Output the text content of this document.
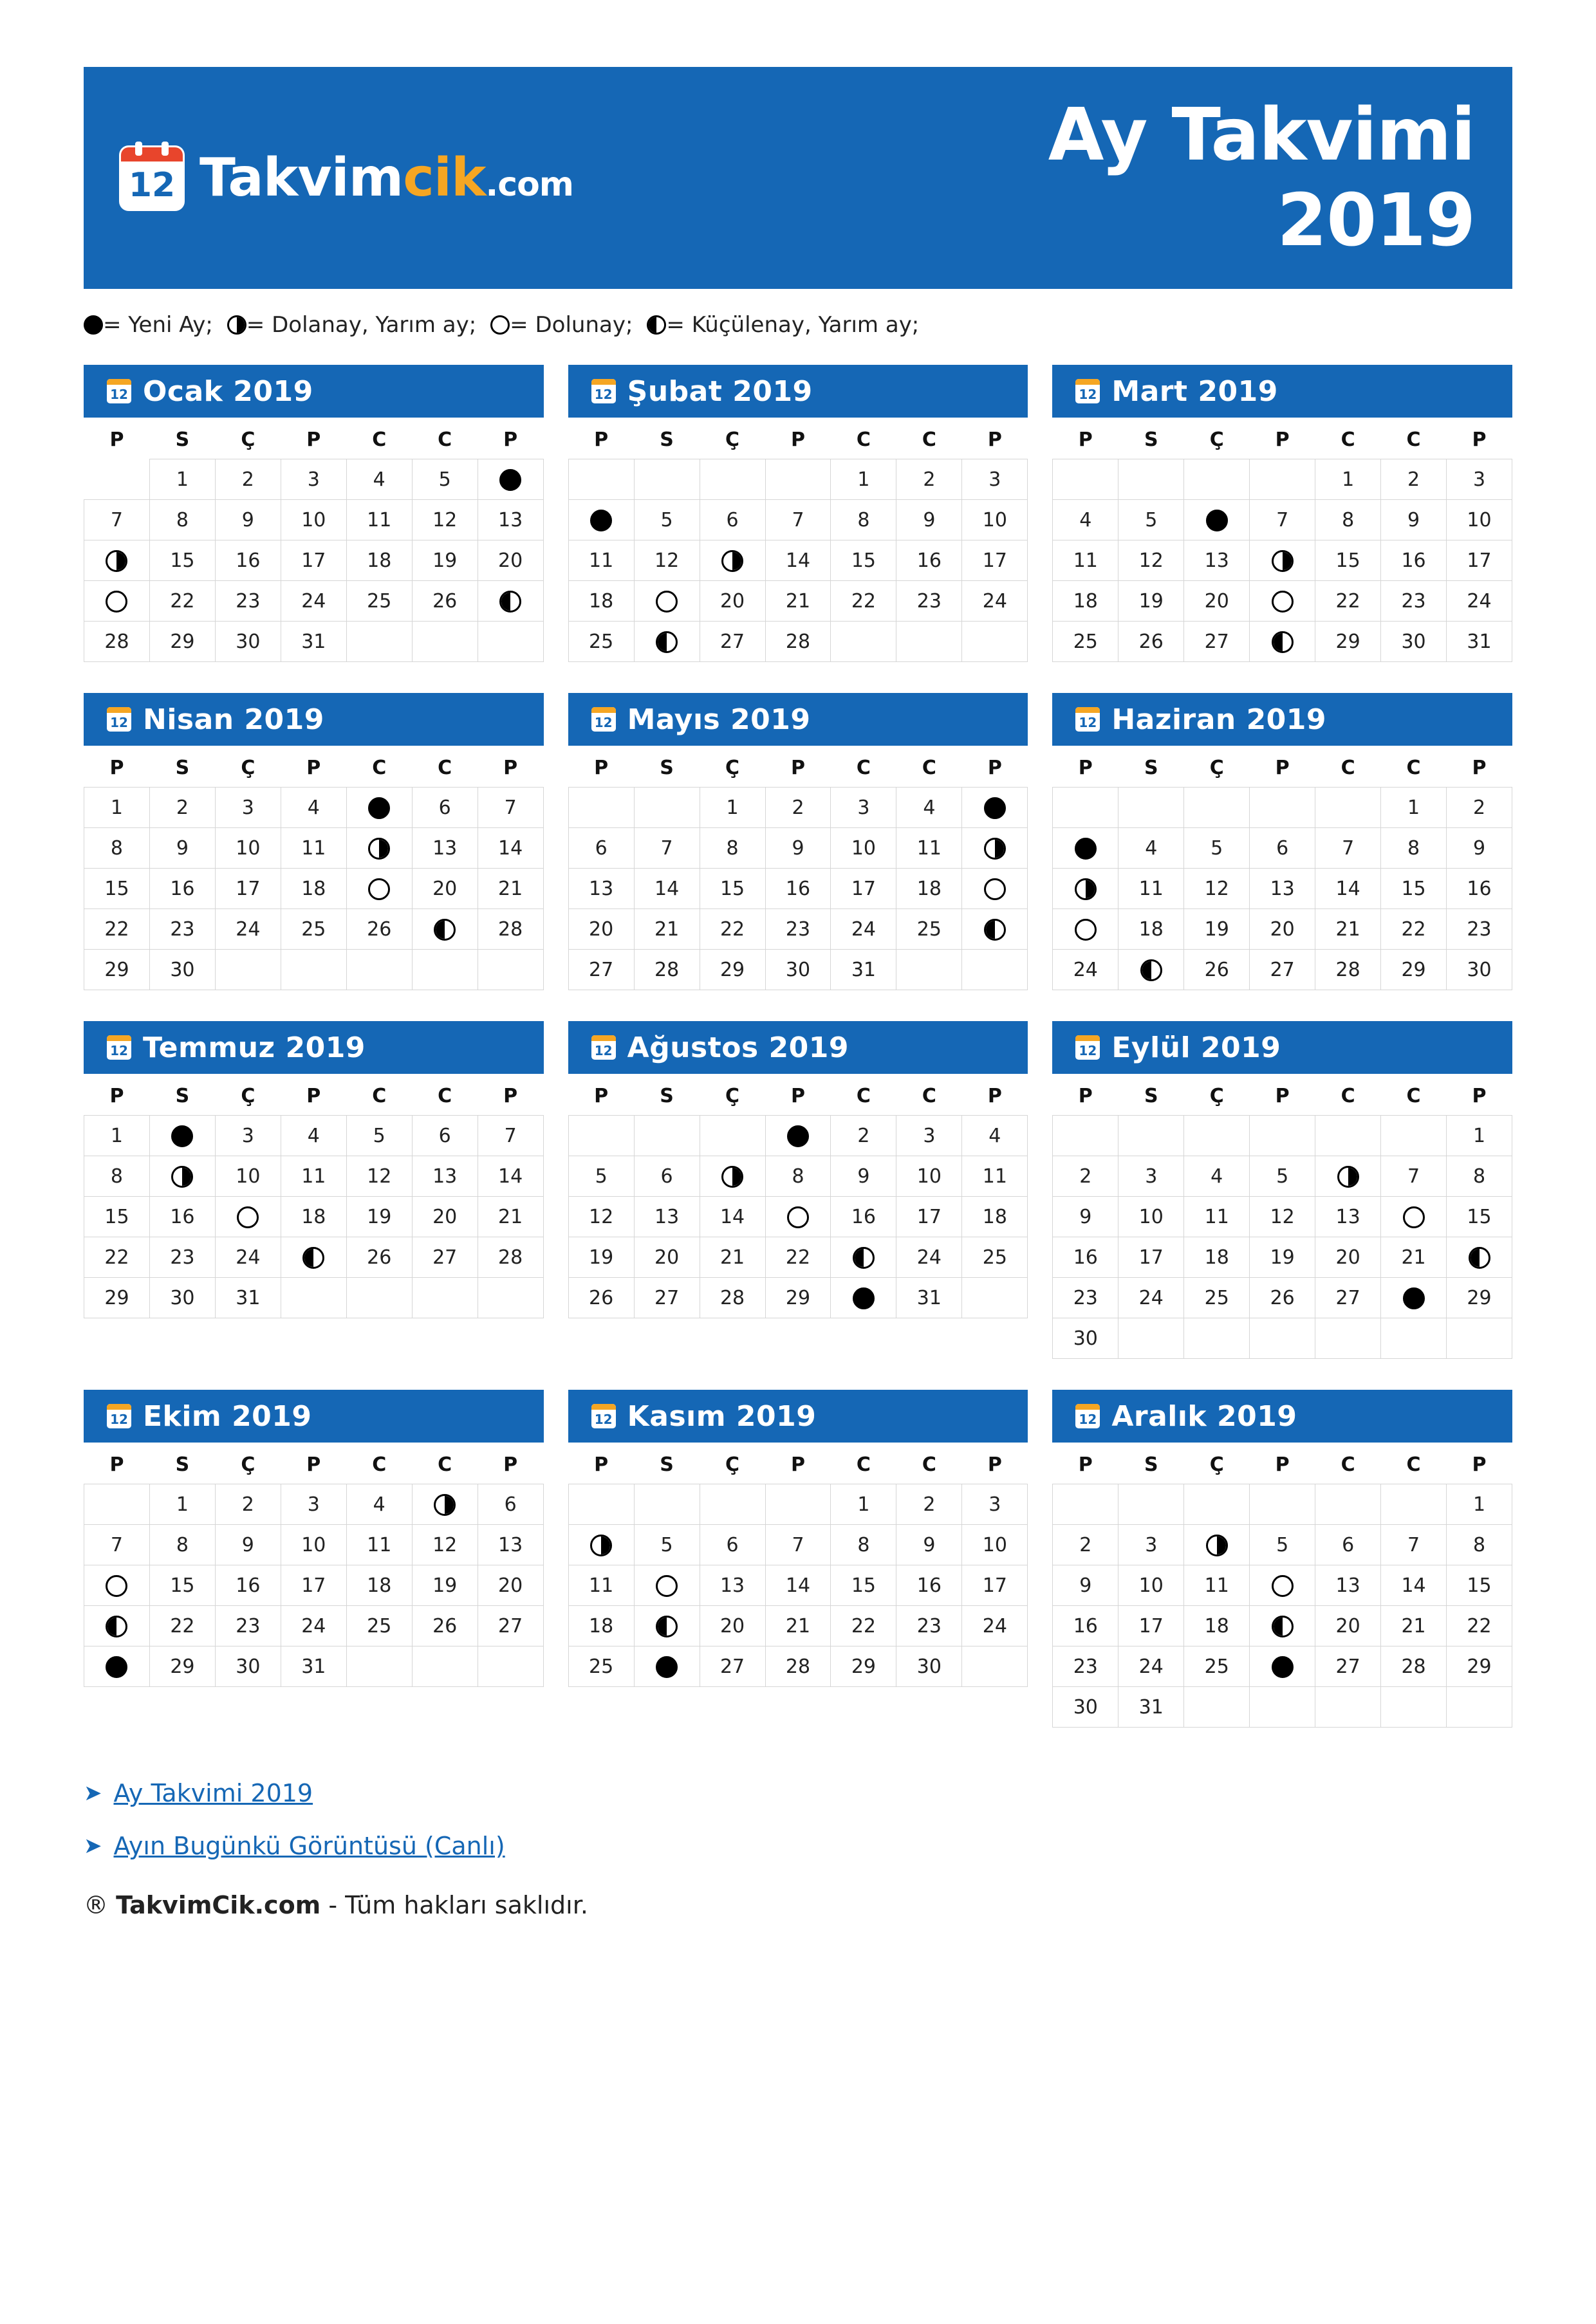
12 Takvimcik.com
Ay Takvimi
2019
= Yeni Ay; = Dolanay, Yarım ay; = Dolunay; = Küçülenay, Yarım ay;
12 Ocak 2019
P	S	Ç	P	C	C	P
	1	2	3	4	5	
7	8	9	10	11	12	13
	15	16	17	18	19	20
	22	23	24	25	26	
28	29	30	31			
12 Şubat 2019
P	S	Ç	P	C	C	P
				1	2	3
	5	6	7	8	9	10
11	12		14	15	16	17
18		20	21	22	23	24
25		27	28			
12 Mart 2019
P	S	Ç	P	C	C	P
				1	2	3
4	5		7	8	9	10
11	12	13		15	16	17
18	19	20		22	23	24
25	26	27		29	30	31
12 Nisan 2019
P	S	Ç	P	C	C	P
1	2	3	4		6	7
8	9	10	11		13	14
15	16	17	18		20	21
22	23	24	25	26		28
29	30					
12 Mayıs 2019
P	S	Ç	P	C	C	P
		1	2	3	4	
6	7	8	9	10	11	
13	14	15	16	17	18	
20	21	22	23	24	25	
27	28	29	30	31		
12 Haziran 2019
P	S	Ç	P	C	C	P
					1	2
	4	5	6	7	8	9
	11	12	13	14	15	16
	18	19	20	21	22	23
24		26	27	28	29	30
12 Temmuz 2019
P	S	Ç	P	C	C	P
1		3	4	5	6	7
8		10	11	12	13	14
15	16		18	19	20	21
22	23	24		26	27	28
29	30	31				
12 Ağustos 2019
P	S	Ç	P	C	C	P
				2	3	4
5	6		8	9	10	11
12	13	14		16	17	18
19	20	21	22		24	25
26	27	28	29		31	
12 Eylül 2019
P	S	Ç	P	C	C	P
						1
2	3	4	5		7	8
9	10	11	12	13		15
16	17	18	19	20	21	
23	24	25	26	27		29
30						
12 Ekim 2019
P	S	Ç	P	C	C	P
	1	2	3	4		6
7	8	9	10	11	12	13
	15	16	17	18	19	20
	22	23	24	25	26	27
	29	30	31			
12 Kasım 2019
P	S	Ç	P	C	C	P
				1	2	3
	5	6	7	8	9	10
11		13	14	15	16	17
18		20	21	22	23	24
25		27	28	29	30	
12 Aralık 2019
P	S	Ç	P	C	C	P
						1
2	3		5	6	7	8
9	10	11		13	14	15
16	17	18		20	21	22
23	24	25		27	28	29
30	31					
➤ Ay Takvimi 2019
➤ Ayın Bugünkü Görüntüsü (Canlı)
® TakvimCik.com - Tüm hakları saklıdır.
